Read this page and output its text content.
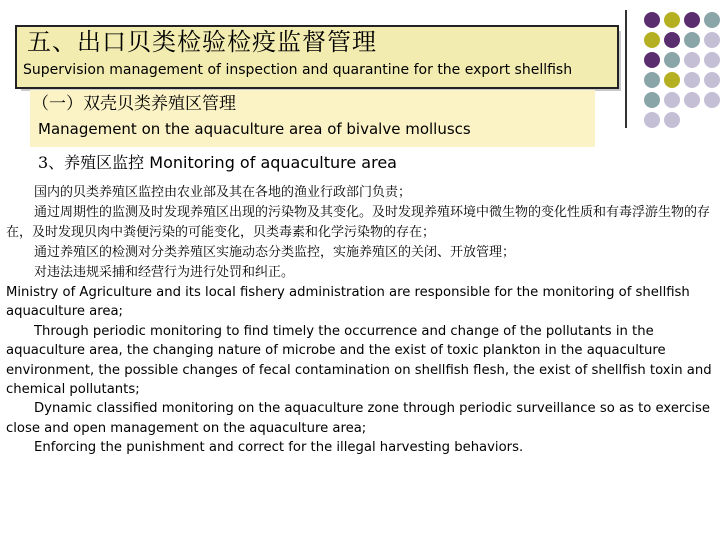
五、出口贝类检验检疫监督管理
Supervision management of inspection and quarantine for the export shellfish
（一）双壳贝类养殖区管理
Management on the aquaculture area of bivalve molluscs
3、养殖区监控 Monitoring of aquaculture area

国内的贝类养殖区监控由农业部及其在各地的渔业行政部门负责；

通过周期性的监测及时发现养殖区出现的污染物及其变化。及时发现养殖环境中微生物的变化性质和有毒浮游生物的存在，及时发现贝肉中粪便污染的可能变化，贝类毒素和化学污染物的存在；

通过养殖区的检测对分类养殖区实施动态分类监控，实施养殖区的关闭、开放管理；

对违法违规采捕和经营行为进行处罚和纠正。

Ministry of Agriculture and its local fishery administration are responsible for the monitoring of shellfish aquaculture area;

Through periodic monitoring to find timely the occurrence and change of the pollutants in the aquaculture area, the changing nature of microbe and the exist of toxic plankton in the aquaculture environment, the possible changes of fecal contamination on shellfish flesh, the exist of shellfish toxin and chemical pollutants;

Dynamic classified monitoring on the aquaculture zone through periodic surveillance so as to exercise close and open management on the aquaculture area;

Enforcing the punishment and correct for the illegal harvesting behaviors.
